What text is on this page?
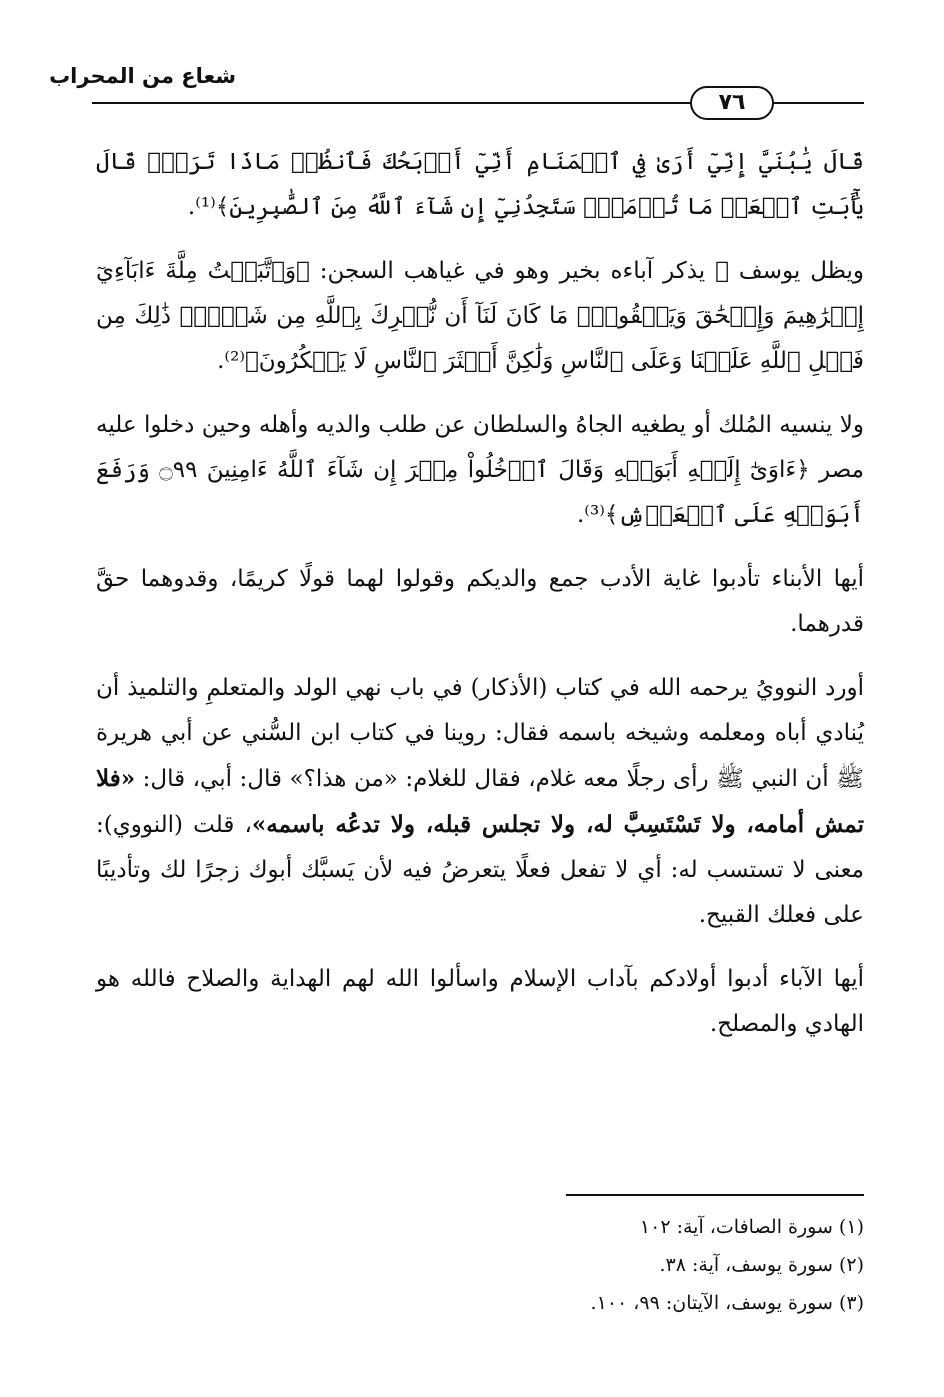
شعاع من المحراب
٧٦

قَالَ يَٰبُنَيَّ إِنِّيٓ أَرَىٰ فِي ٱلۡمَنَامِ أَنِّيٓ أَذۡبَحُكَ فَٱنظُرۡ مَاذَا تَرَىٰۚ قَالَ يَٰٓأَبَتِ ٱفۡعَلۡ مَا تُؤۡمَرُۖ سَتَجِدُنِيٓ إِن شَآءَ ٱللَّهُ مِنَ ٱلصَّٰبِرِينَ﴾⁽¹⁾.

ويظل يوسف ﷺ يذكر آباءه بخير وهو في غياهب السجن: ﴿وَٱتَّبَعۡتُ مِلَّةَ ءَابَآءِيٓ إِبۡرَٰهِيمَ وَإِسۡحَٰقَ وَيَعۡقُوبَۚ مَا كَانَ لَنَآ أَن نُّشۡرِكَ بِٱللَّهِ مِن شَيۡءٖۚ ذَٰلِكَ مِن فَضۡلِ ٱللَّهِ عَلَيۡنَا وَعَلَى ٱلنَّاسِ وَلَٰكِنَّ أَكۡثَرَ ٱلنَّاسِ لَا يَشۡكُرُونَ﴾⁽²⁾.

ولا ينسيه المُلك أو يطغيه الجاهُ والسلطان عن طلب والديه وأهله وحين دخلوا عليه مصر ﴿ءَاوَىٰٓ إِلَيۡهِ أَبَوَيۡهِ وَقَالَ ٱدۡخُلُواْ مِصۡرَ إِن شَآءَ ٱللَّهُ ءَامِنِينَ ۝٩٩ وَرَفَعَ أَبَوَيۡهِ عَلَى ٱلۡعَرۡشِ﴾⁽³⁾.

أيها الأبناء تأدبوا غاية الأدب جمع والديكم وقولوا لهما قولًا كريمًا، وقدوهما حقَّ قدرهما.

أورد النوويُ يرحمه الله في كتاب (الأذكار) في باب نهي الولد والمتعلمِ والتلميذ أن يُنادي أباه ومعلمه وشيخه باسمه فقال: روينا في كتاب ابن السُّني عن أبي هريرة ﷺ أن النبي ﷺ رأى رجلًا معه غلام، فقال للغلام: «من هذا؟» قال: أبي، قال: «فلا تمش أمامه، ولا تَسْتَسِبَّ له، ولا تجلس قبله، ولا تدعُه باسمه»، قلت (النووي): معنى لا تستسب له: أي لا تفعل فعلًا يتعرضُ فيه لأن يَسبَّك أبوك زجرًا لك وتأديبًا على فعلك القبيح.

أيها الآباء أدبوا أولادكم بآداب الإسلام واسألوا الله لهم الهداية والصلاح فالله هو الهادي والمصلح.

(١) سورة الصافات، آية: ١٠٢

(٢) سورة يوسف، آية: ٣٨.

(٣) سورة يوسف، الآيتان: ٩٩، ١٠٠.
